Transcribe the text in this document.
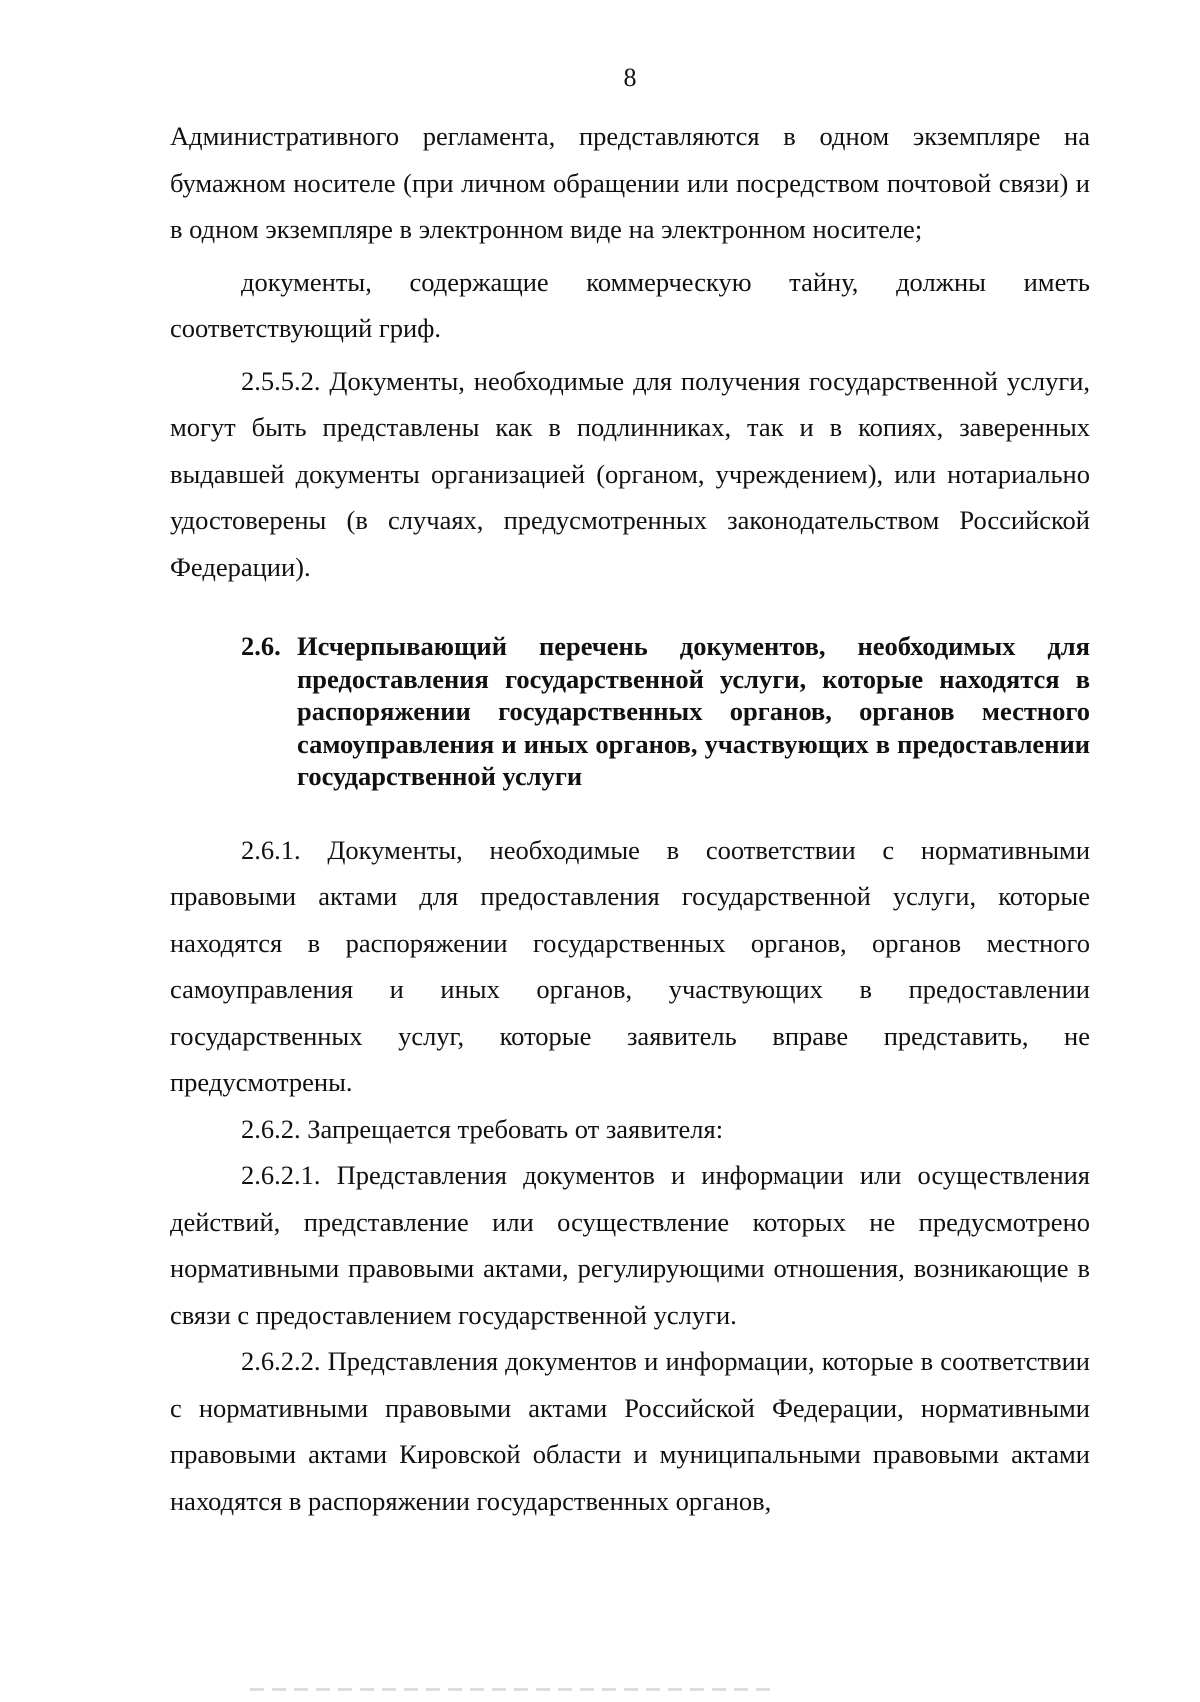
8

Административного регламента, представляются в одном экземпляре на бумажном носителе (при личном обращении или посредством почтовой связи) и в одном экземпляре в электронном виде на электронном носителе;

документы, содержащие коммерческую тайну, должны иметь соответствующий гриф.

2.5.5.2. Документы, необходимые для получения государственной услуги, могут быть представлены как в подлинниках, так и в копиях, заверенных выдавшей документы организацией (органом, учреждением), или нотариально удостоверены (в случаях, предусмотренных законодательством Российской Федерации).

2.6. Исчерпывающий перечень документов, необходимых для предоставления государственной услуги, которые находятся в распоряжении государственных органов, органов местного самоуправления и иных органов, участвующих в предоставлении государственной услуги

2.6.1. Документы, необходимые в соответствии с нормативными правовыми актами для предоставления государственной услуги, которые находятся в распоряжении государственных органов, органов местного самоуправления и иных органов, участвующих в предоставлении государственных услуг, которые заявитель вправе представить, не предусмотрены.

2.6.2. Запрещается требовать от заявителя:

2.6.2.1. Представления документов и информации или осуществления действий, представление или осуществление которых не предусмотрено нормативными правовыми актами, регулирующими отношения, возникающие в связи с предоставлением государственной услуги.

2.6.2.2. Представления документов и информации, которые в соответствии с нормативными правовыми актами Российской Федерации, нормативными правовыми актами Кировской области и муниципальными правовыми актами находятся в распоряжении государственных органов,
